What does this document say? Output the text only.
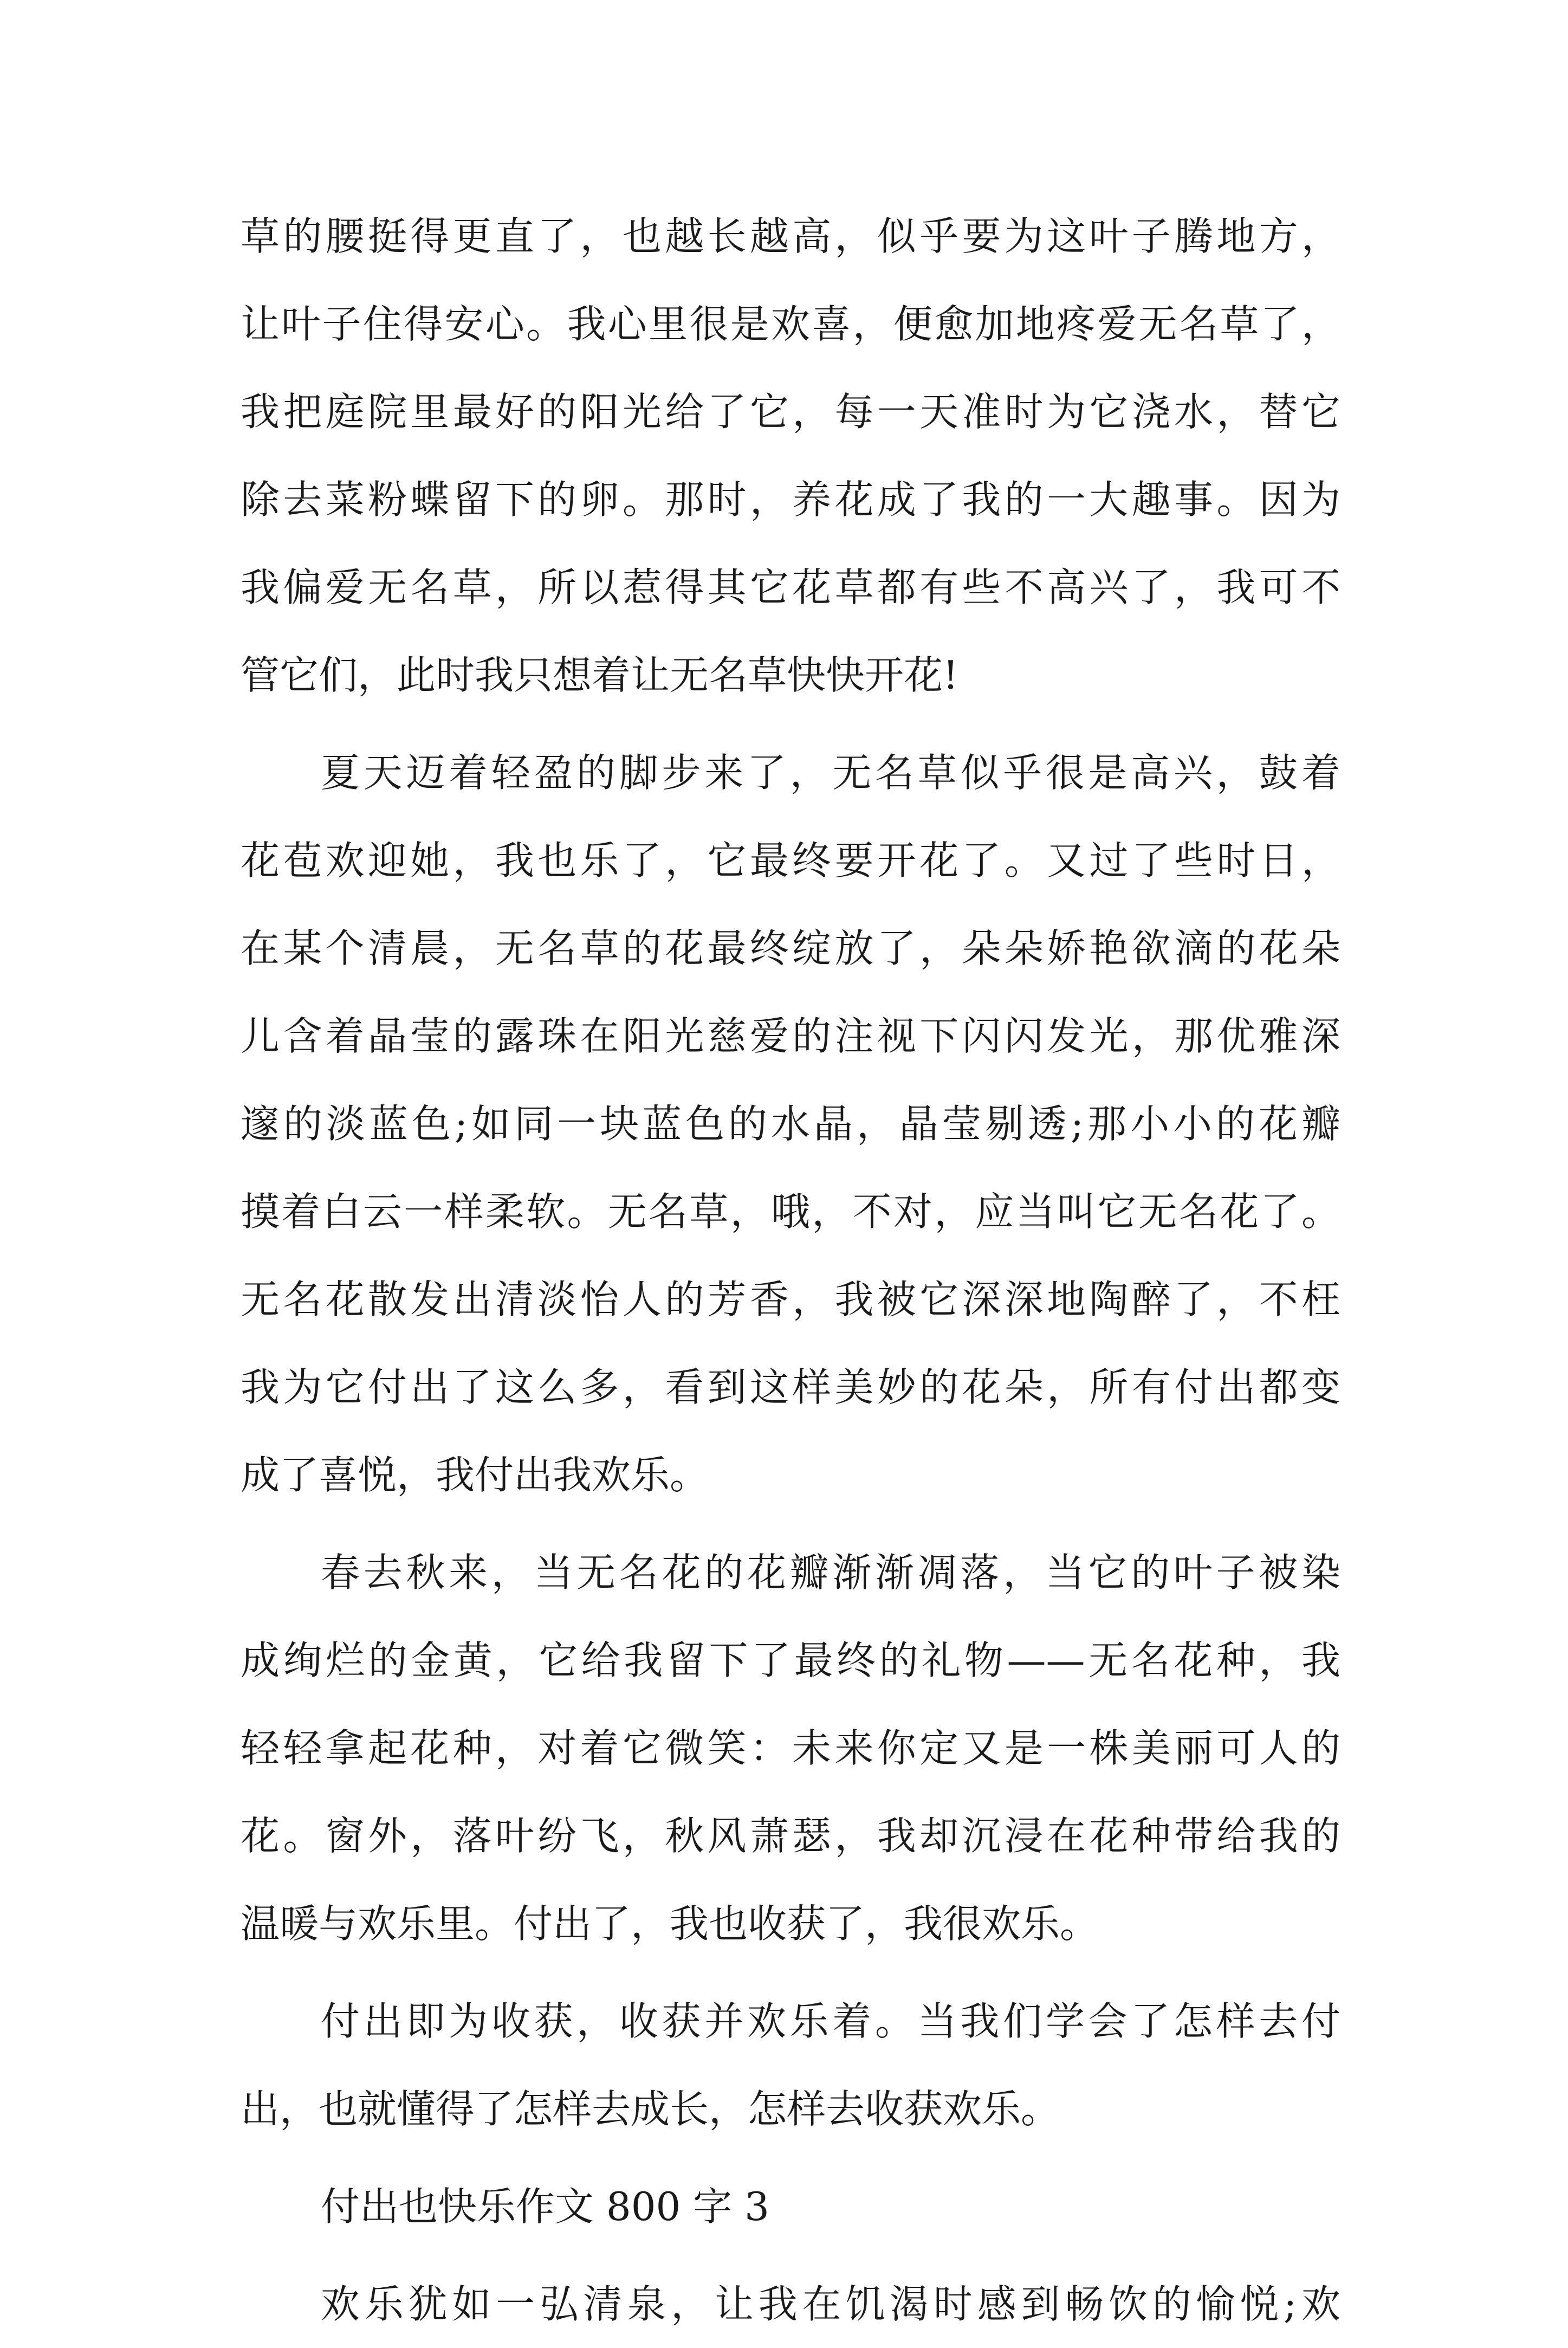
草的腰挺得更直了，也越长越高，似乎要为这叶子腾地方，
让叶子住得安心。我心里很是欢喜，便愈加地疼爱无名草了，
我把庭院里最好的阳光给了它，每一天准时为它浇水，替它
除去菜粉蝶留下的卵。那时，养花成了我的一大趣事。因为
我偏爱无名草，所以惹得其它花草都有些不高兴了，我可不
管它们，此时我只想着让无名草快快开花!
夏天迈着轻盈的脚步来了，无名草似乎很是高兴，鼓着
花苞欢迎她，我也乐了，它最终要开花了。又过了些时日，
在某个清晨，无名草的花最终绽放了，朵朵娇艳欲滴的花朵
儿含着晶莹的露珠在阳光慈爱的注视下闪闪发光，那优雅深
邃的淡蓝色;如同一块蓝色的水晶，晶莹剔透;那小小的花瓣
摸着白云一样柔软。无名草，哦，不对，应当叫它无名花了。
无名花散发出清淡怡人的芳香，我被它深深地陶醉了，不枉
我为它付出了这么多，看到这样美妙的花朵，所有付出都变
成了喜悦，我付出我欢乐。
春去秋来，当无名花的花瓣渐渐凋落，当它的叶子被染
成绚烂的金黄，它给我留下了最终的礼物——无名花种，我
轻轻拿起花种，对着它微笑：未来你定又是一株美丽可人的
花。窗外，落叶纷飞，秋风萧瑟，我却沉浸在花种带给我的
温暖与欢乐里。付出了，我也收获了，我很欢乐。
付出即为收获，收获并欢乐着。当我们学会了怎样去付
出，也就懂得了怎样去成长，怎样去收获欢乐。
付出也快乐作文 800 字 3
欢乐犹如一弘清泉，让我在饥渴时感到畅饮的愉悦;欢
